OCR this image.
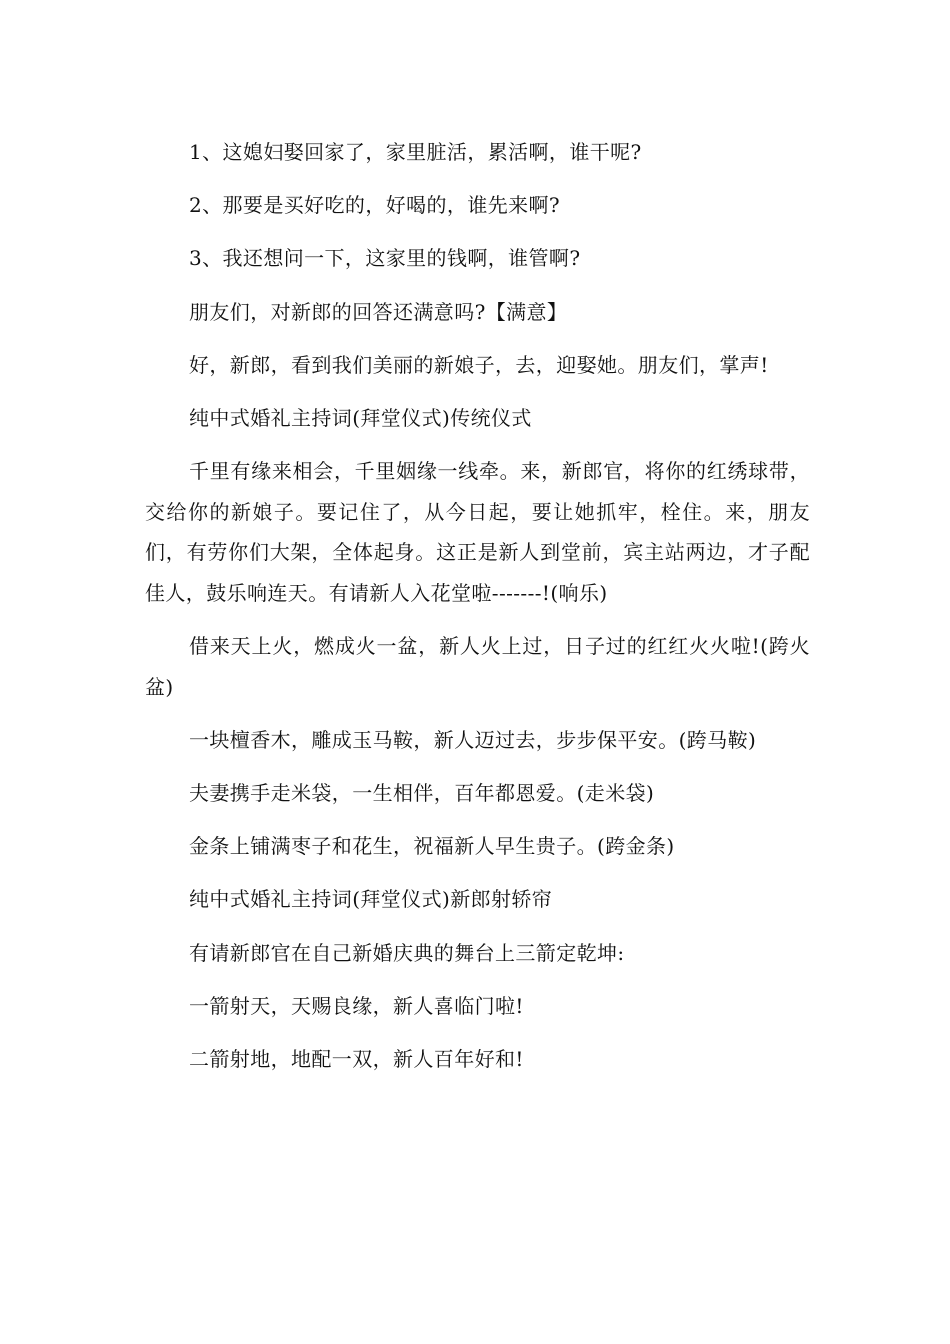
1、这媳妇娶回家了，家里脏活，累活啊，谁干呢?

2、那要是买好吃的，好喝的，谁先来啊?

3、我还想问一下，这家里的钱啊，谁管啊?

朋友们，对新郎的回答还满意吗?【满意】

好，新郎，看到我们美丽的新娘子，去，迎娶她。朋友们，掌声!

纯中式婚礼主持词(拜堂仪式)传统仪式

千里有缘来相会，千里姻缘一线牵。来，新郎官，将你的红绣球带，交给你的新娘子。要记住了，从今日起，要让她抓牢，栓住。来，朋友们，有劳你们大架，全体起身。这正是新人到堂前，宾主站两边，才子配佳人，鼓乐响连天。有请新人入花堂啦-------!(响乐)

借来天上火，燃成火一盆，新人火上过，日子过的红红火火啦!(跨火盆)

一块檀香木，雕成玉马鞍，新人迈过去，步步保平安。(跨马鞍)

夫妻携手走米袋，一生相伴，百年都恩爱。(走米袋)

金条上铺满枣子和花生，祝福新人早生贵子。(跨金条)

纯中式婚礼主持词(拜堂仪式)新郎射轿帘

有请新郎官在自己新婚庆典的舞台上三箭定乾坤:

一箭射天，天赐良缘，新人喜临门啦!

二箭射地，地配一双，新人百年好和!
